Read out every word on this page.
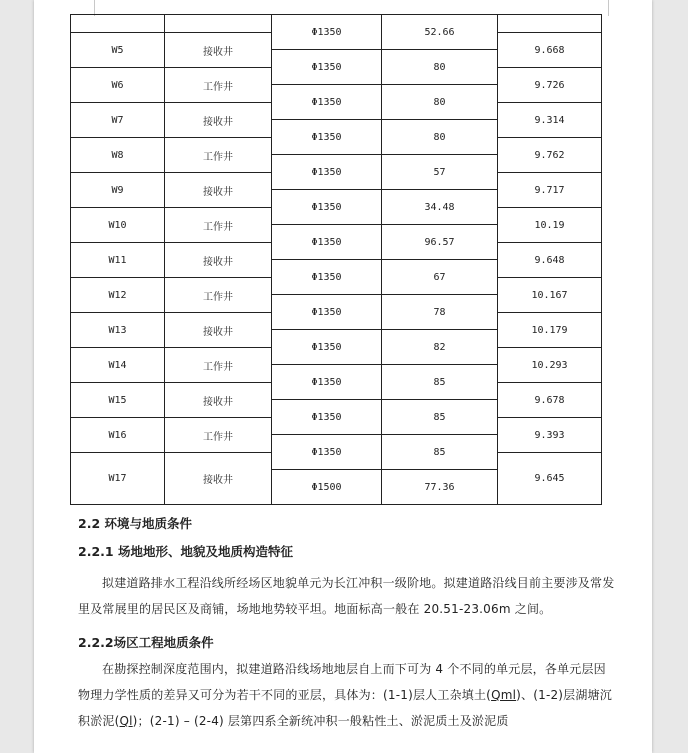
		Φ1350	52.66	
W5	接收井			9.668
		Φ1350	80	
W6	工作井			9.726
		Φ1350	80	
W7	接收井			9.314
		Φ1350	80	
W8	工作井			9.762
		Φ1350	57	
W9	接收井			9.717
		Φ1350	34.48	
W10	工作井			10.19
		Φ1350	96.57	
W11	接收井			9.648
		Φ1350	67	
W12	工作井			10.167
		Φ1350	78	
W13	接收井			10.179
		Φ1350	82	
W14	工作井			10.293
		Φ1350	85	
W15	接收井			9.678
		Φ1350	85	
W16	工作井			9.393
		Φ1350	85	
W17	接收井			9.645
		Φ1500	77.36	

2.2 环境与地质条件
2.2.1 场地地形、地貌及地质构造特征
拟建道路排水工程沿线所经场区地貌单元为长江冲积一级阶地。拟建道路沿线目前主要涉及常发里及常展里的居民区及商铺，场地地势较平坦。地面标高一般在 20.51-23.06m 之间。
2.2.2场区工程地质条件
在勘探控制深度范围内，拟建道路沿线场地地层自上而下可为 4 个不同的单元层，各单元层因物理力学性质的差异又可分为若干不同的亚层，具体为：(1-1)层人工杂填土(Qml)、(1-2)层湖塘沉积淤泥(Ql)；(2-1) – (2-4) 层第四系全新统冲积一般粘性土、淤泥质土及淤泥质
